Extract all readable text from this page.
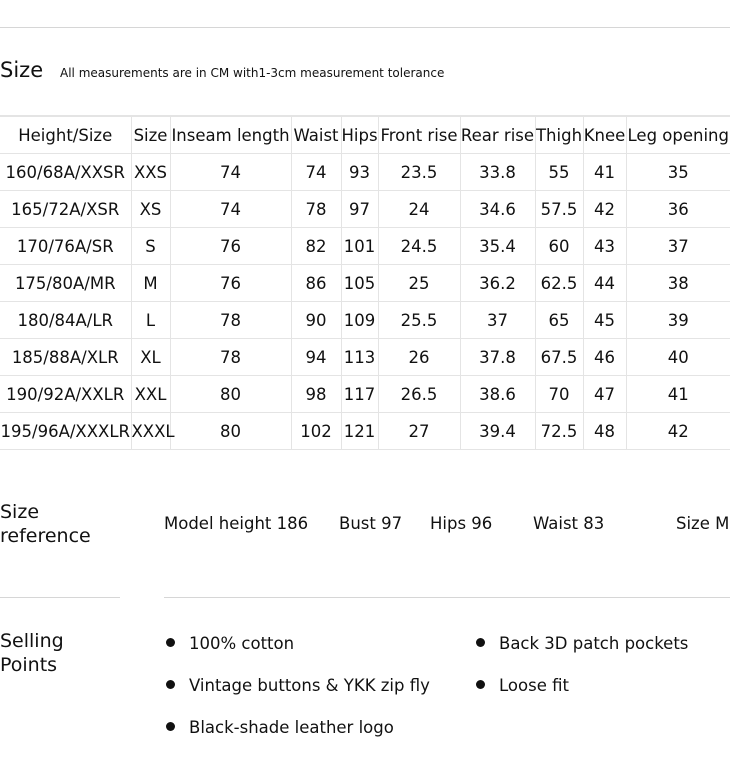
Size All measurements are in CM with1-3cm measurement tolerance
Height/Size	Size	Inseam length	Waist	Hips	Front rise	Rear rise	Thigh	Knee	Leg opening
160/68A/XXSR	XXS	74	74	93	23.5	33.8	55	41	35
165/72A/XSR	XS	74	78	97	24	34.6	57.5	42	36
170/76A/SR	S	76	82	101	24.5	35.4	60	43	37
175/80A/MR	M	76	86	105	25	36.2	62.5	44	38
180/84A/LR	L	78	90	109	25.5	37	65	45	39
185/88A/XLR	XL	78	94	113	26	37.8	67.5	46	40
190/92A/XXLR	XXL	80	98	117	26.5	38.6	70	47	41
195/96A/XXXLR	XXXL	80	102	121	27	39.4	72.5	48	42
Size
reference
Model height 186 Bust 97 Hips 96 Waist 83	Size M
Selling
Points
100% cotton
Vintage buttons & YKK zip fly
Black-shade leather logo
Back 3D patch pockets
Loose fit
